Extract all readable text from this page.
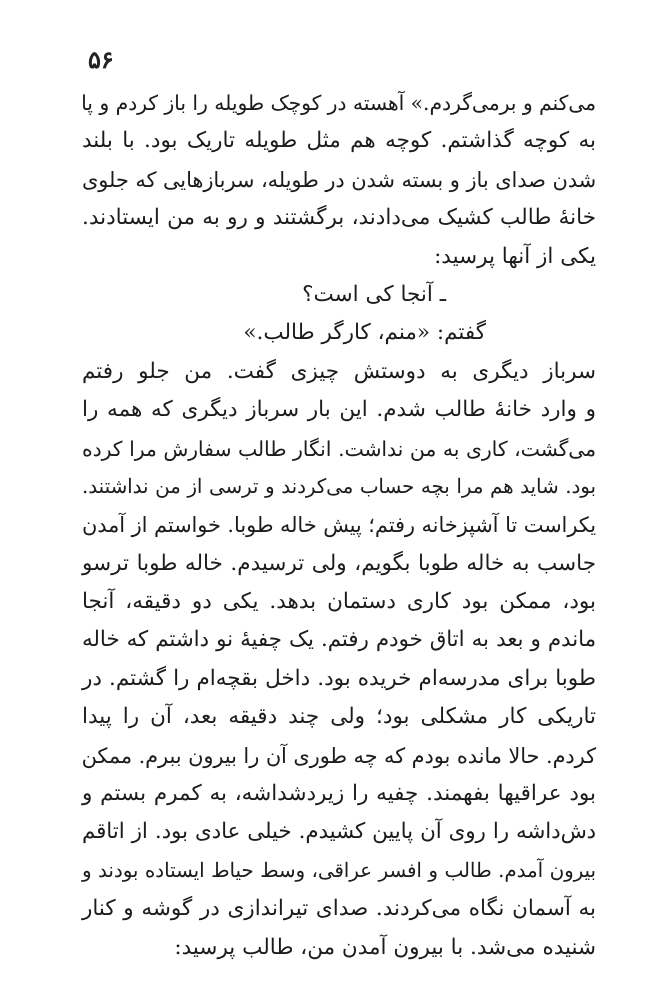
۵۶
می‌کنم و برمی‌گردم.» آهسته در کوچک طویله را باز کردم و پا
به کوچه گذاشتم. کوچه هم مثل طویله تاریک بود. با بلند
شدن صدای باز و بسته شدن در طویله، سربازهایی که جلوی
خانهٔ طالب کشیک می‌دادند، برگشتند و رو به من ایستادند.
یکی از آنها پرسید:
ـ آنجا کی است؟
گفتم: «منم، کارگر طالب.»
سرباز دیگری به دوستش چیزی گفت. من جلو رفتم
و وارد خانهٔ طالب شدم. این بار سرباز دیگری که همه را
می‌گشت، کاری به من نداشت. انگار طالب سفارش مرا کرده
بود. شاید هم مرا بچه حساب می‌کردند و ترسی از من نداشتند.
یکراست تا آشپزخانه رفتم؛ پیش خاله طوبا. خواستم از آمدن
جاسب به خاله طوبا بگویم، ولی ترسیدم. خاله طوبا ترسو
بود، ممکن بود کاری دستمان بدهد. یکی دو دقیقه، آنجا
ماندم و بعد به اتاق خودم رفتم. یک چفیهٔ نو داشتم که خاله
طوبا برای مدرسه‌ام خریده بود. داخل بقچه‌ام را گشتم. در
تاریکی کار مشکلی بود؛ ولی چند دقیقه بعد، آن را پیدا
کردم. حالا مانده بودم که چه طوری آن را بیرون ببرم. ممکن
بود عراقیها بفهمند. چفیه را زیردشداشه، به کمرم بستم و
دش‌داشه را روی آن پایین کشیدم. خیلی عادی بود. از اتاقم
بیرون آمدم. طالب و افسر عراقی، وسط حیاط ایستاده بودند و
به آسمان نگاه می‌کردند. صدای تیراندازی در گوشه و کنار
شنیده می‌شد. با بیرون آمدن من، طالب پرسید:
